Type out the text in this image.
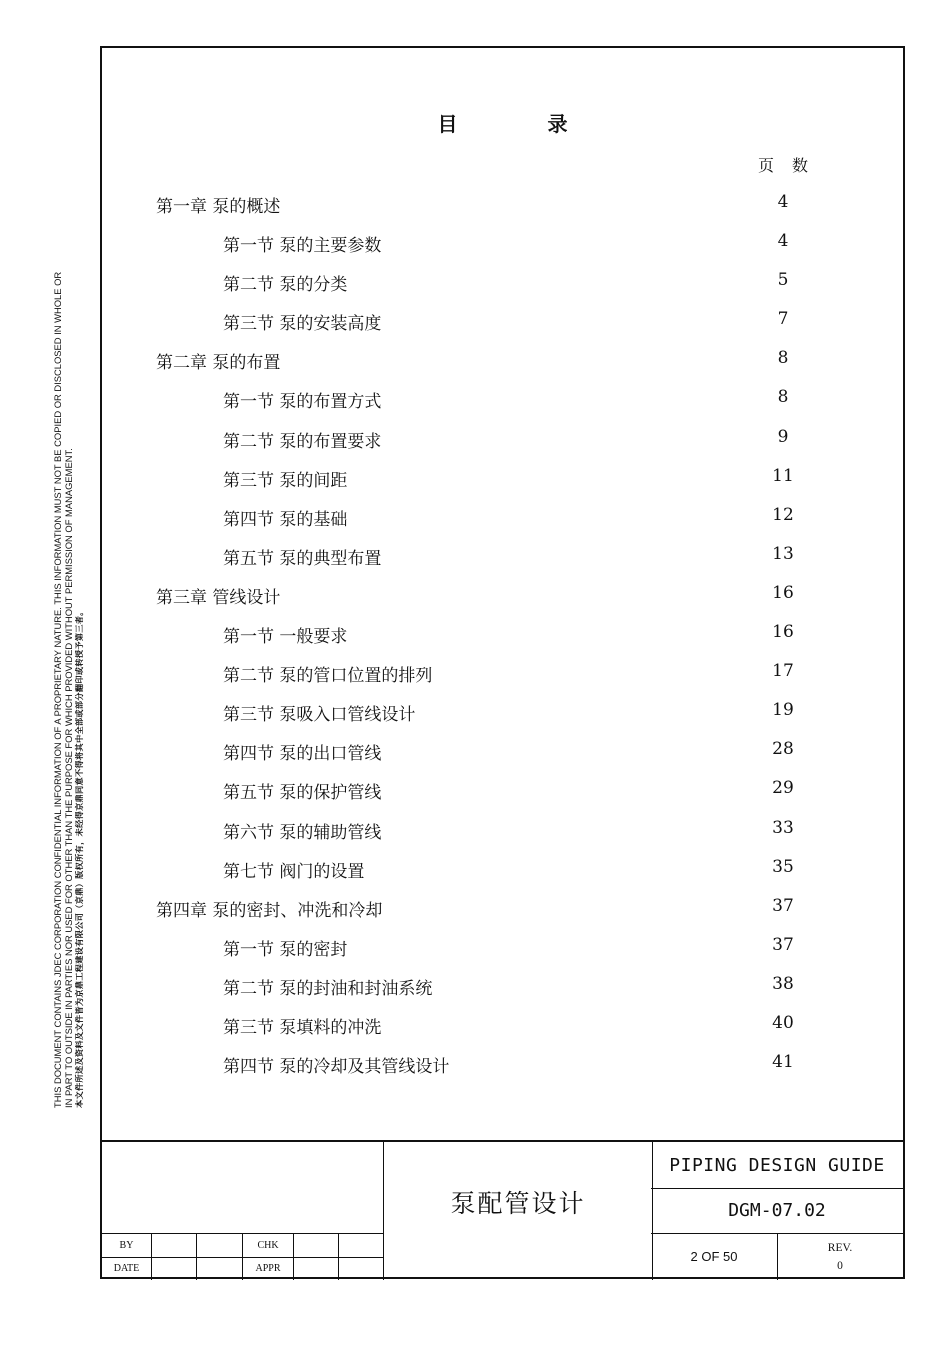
THIS DOCUMENT CONTAINS JDEC CORPORATION CONFIDENTIAL INFORMATION OF A PROPRIETARY NATURE. THIS INFORMATION MUST NOT BE COPIED OR DISCLOSED IN WHOLE OR IN PART TO OUTSIDE IN PARTIES NOR USED FOR OTHER THAN THE PURPOSE FOR WHICH PROVIDED WITHOUT PERMISSION OF MANAGEMENT. 本文件所述及资料及文件皆为京鼎工程建设有限公司（京鼎）版权所有，未经得京鼎同意不得将其中全部或部分翻印或转授予第三者。
目录
页数
第一章 泵的概述	4
第一节 泵的主要参数	4
第二节 泵的分类	5
第三节 泵的安装高度	7
第二章 泵的布置	8
第一节 泵的布置方式	8
第二节 泵的布置要求	9
第三节 泵的间距	11
第四节 泵的基础	12
第五节 泵的典型布置	13
第三章 管线设计	16
第一节 一般要求	16
第二节 泵的管口位置的排列	17
第三节 泵吸入口管线设计	19
第四节 泵的出口管线	28
第五节 泵的保护管线	29
第六节 泵的辅助管线	33
第七节 阀门的设置	35
第四章 泵的密封、冲洗和冷却	37
第一节 泵的密封	37
第二节 泵的封油和封油系统	38
第三节 泵填料的冲洗	40
第四节 泵的冷却及其管线设计	41
BY	CHK
DATE	APPR
泵配管设计
PIPING DESIGN GUIDE
DGM-07.02
2 OF 50
REV.
0
